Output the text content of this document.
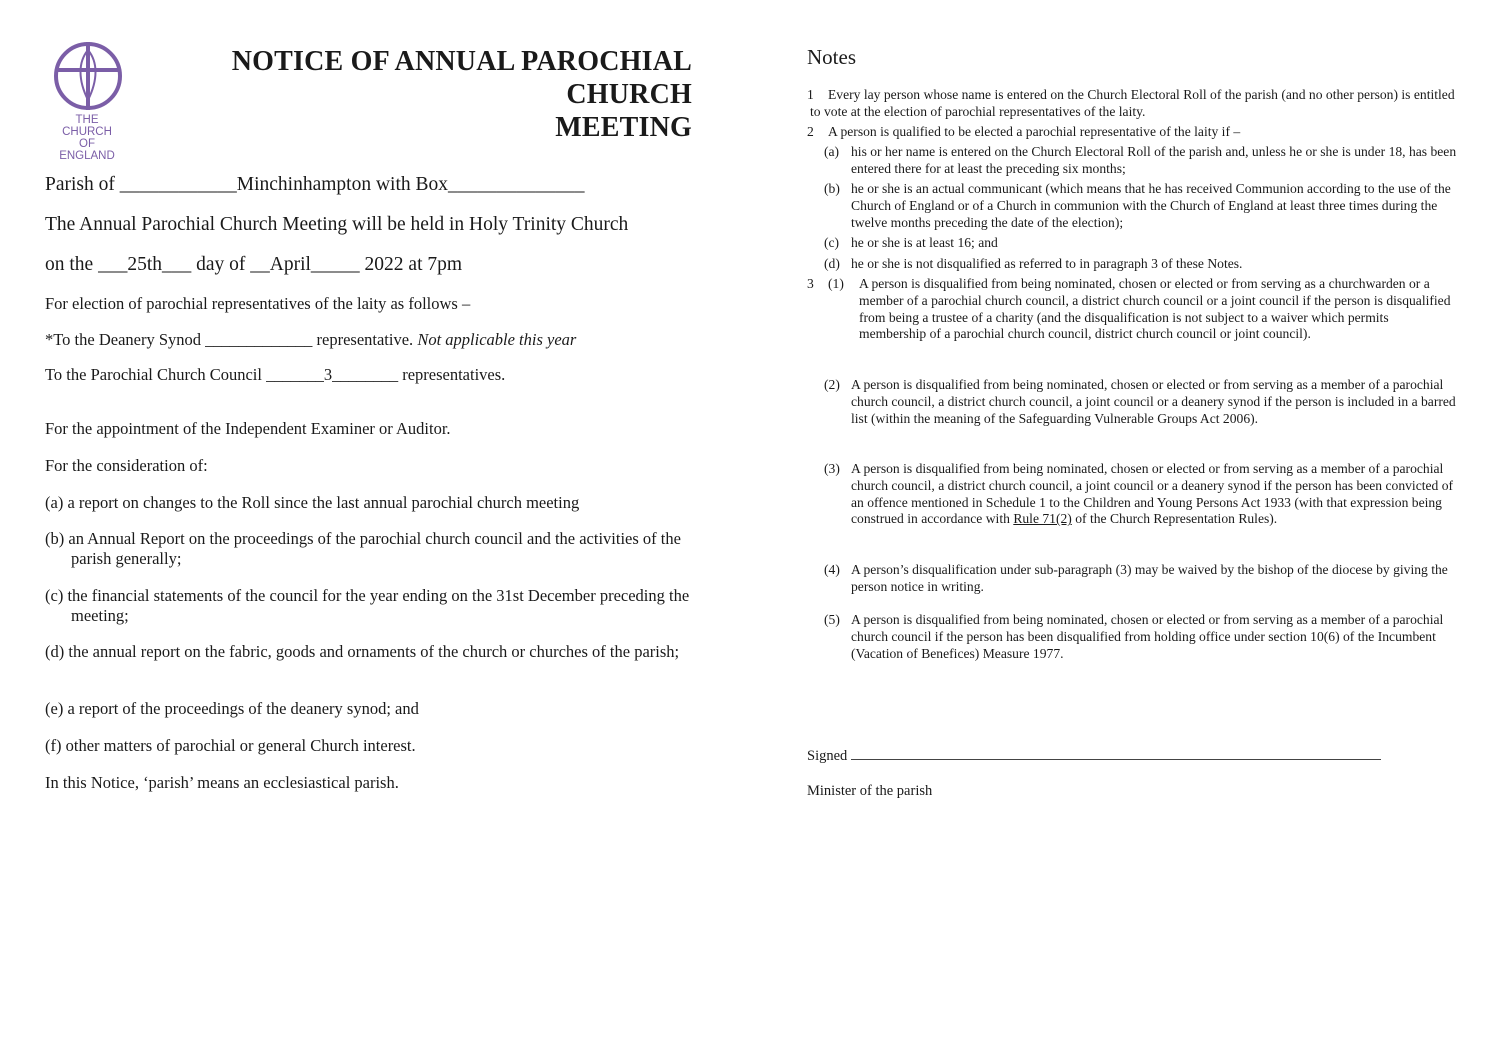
THE CHURCH
OF ENGLAND
NOTICE OF ANNUAL PAROCHIAL CHURCH
MEETING

Parish of ____________Minchinhampton with Box______________

The Annual Parochial Church Meeting will be held in Holy Trinity Church

on the ___25th___ day of __April_____ 2022 at 7pm

For election of parochial representatives of the laity as follows –

*To the Deanery Synod _____________ representative. Not applicable this year

To the Parochial Church Council _______3________ representatives.

For the appointment of the Independent Examiner or Auditor.

For the consideration of:

(a) a report on changes to the Roll since the last annual parochial church meeting

(b) an Annual Report on the proceedings of the parochial church council and the activities of the parish generally;

(c) the financial statements of the council for the year ending on the 31st December preceding the meeting;

(d) the annual report on the fabric, goods and ornaments of the church or churches of the parish;

(e) a report of the proceedings of the deanery synod; and

(f) other matters of parochial or general Church interest.

In this Notice, ‘parish’ means an ecclesiastical parish.

Notes

1	Every lay person whose name is entered on the Church Electoral Roll of the parish (and no other person) is entitled to vote at the election of parochial representatives of the laity.
2	A person is qualified to be elected a parochial representative of the laity if –
(a) his or her name is entered on the Church Electoral Roll of the parish and, unless he or she is under 18, has been entered there for at least the preceding six months;
(b) he or she is an actual communicant (which means that he has received Communion according to the use of the Church of England or of a Church in communion with the Church of England at least three times during the twelve months preceding the date of the election);
(c) he or she is at least 16; and
(d) he or she is not disqualified as referred to in paragraph 3 of these Notes.
3 (1)	A person is disqualified from being nominated, chosen or elected or from serving as a churchwarden or a member of a parochial church council, a district church council or a joint council if the person is disqualified from being a trustee of a charity (and the disqualification is not subject to a waiver which permits membership of a parochial church council, district church council or joint council).
(2) A person is disqualified from being nominated, chosen or elected or from serving as a member of a parochial church council, a district church council, a joint council or a deanery synod if the person is included in a barred list (within the meaning of the Safeguarding Vulnerable Groups Act 2006).
(3) A person is disqualified from being nominated, chosen or elected or from serving as a member of a parochial church council, a district church council, a joint council or a deanery synod if the person has been convicted of an offence mentioned in Schedule 1 to the Children and Young Persons Act 1933 (with that expression being construed in accordance with Rule 71(2) of the Church Representation Rules).
(4) A person’s disqualification under sub-paragraph (3) may be waived by the bishop of the diocese by giving the person notice in writing.
(5) A person is disqualified from being nominated, chosen or elected or from serving as a member of a parochial church council if the person has been disqualified from holding office under section 10(6) of the Incumbent (Vacation of Benefices) Measure 1977.
Signed
Minister of the parish
